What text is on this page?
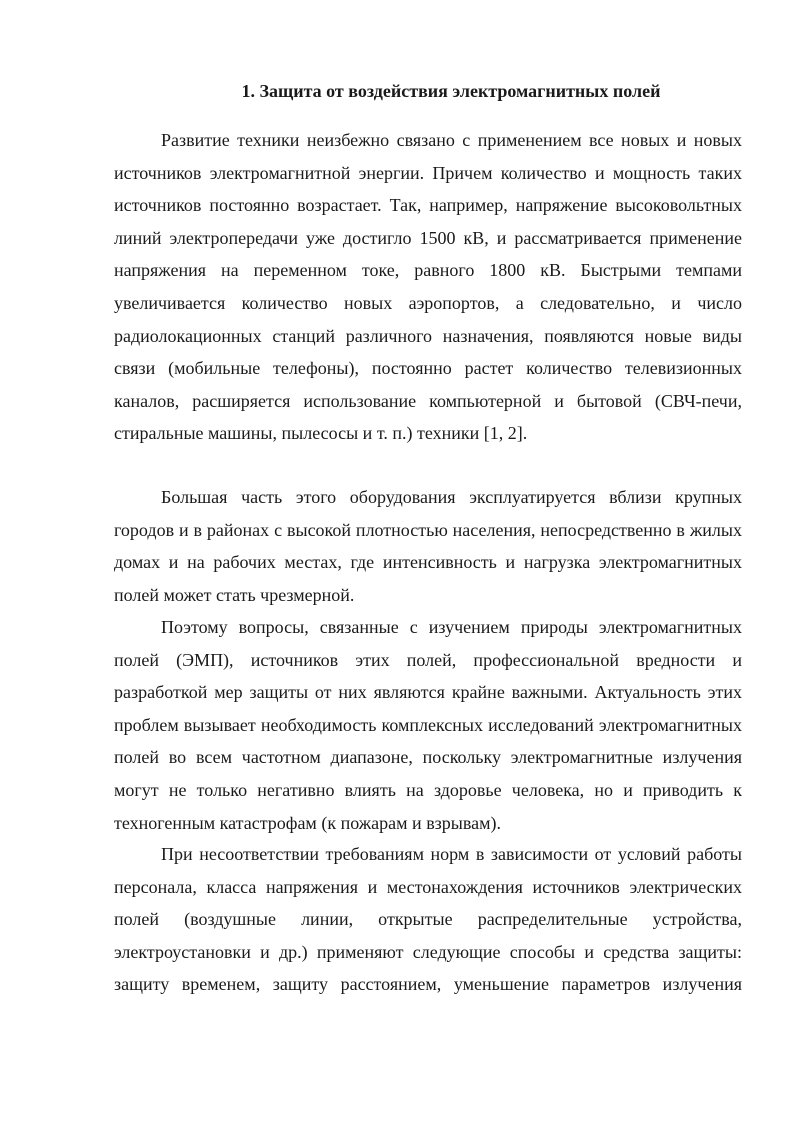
1. Защита от воздействия электромагнитных полей

Развитие техники неизбежно связано с применением все новых и новых источников электромагнитной энергии. Причем количество и мощность таких источников постоянно возрастает. Так, например, напряжение высоковольтных линий электропередачи уже достигло 1500 кВ, и рассматривается применение напряжения на переменном токе, равного 1800 кВ. Быстрыми темпами увеличивается количество новых аэропортов, а следовательно, и число радиолокационных станций различного назначения, появляются новые виды связи (мобильные телефоны), постоянно растет количество телевизионных каналов, расширяется использование компьютерной и бытовой (СВЧ-печи, стиральные машины, пылесосы и т. п.) техники [1, 2].

Большая часть этого оборудования эксплуатируется вблизи крупных городов и в районах с высокой плотностью населения, непосредственно в жилых домах и на рабочих местах, где интенсивность и нагрузка электромагнитных полей может стать чрезмерной.

Поэтому вопросы, связанные с изучением природы электромагнитных полей (ЭМП), источников этих полей, профессиональной вредности и разработкой мер защиты от них являются крайне важными. Актуальность этих проблем вызывает необходимость комплексных исследований электромагнитных полей во всем частотном диапазоне, поскольку электромагнитные излучения могут не только негативно влиять на здоровье человека, но и приводить к техногенным катастрофам (к пожарам и взрывам).

При несоответствии требованиям норм в зависимости от условий работы персонала, класса напряжения и местонахождения источников электрических полей (воздушные линии, открытые распределительные устройства, электроустановки и др.) применяют следующие способы и средства защиты: защиту временем, защиту расстоянием, уменьшение параметров излучения
